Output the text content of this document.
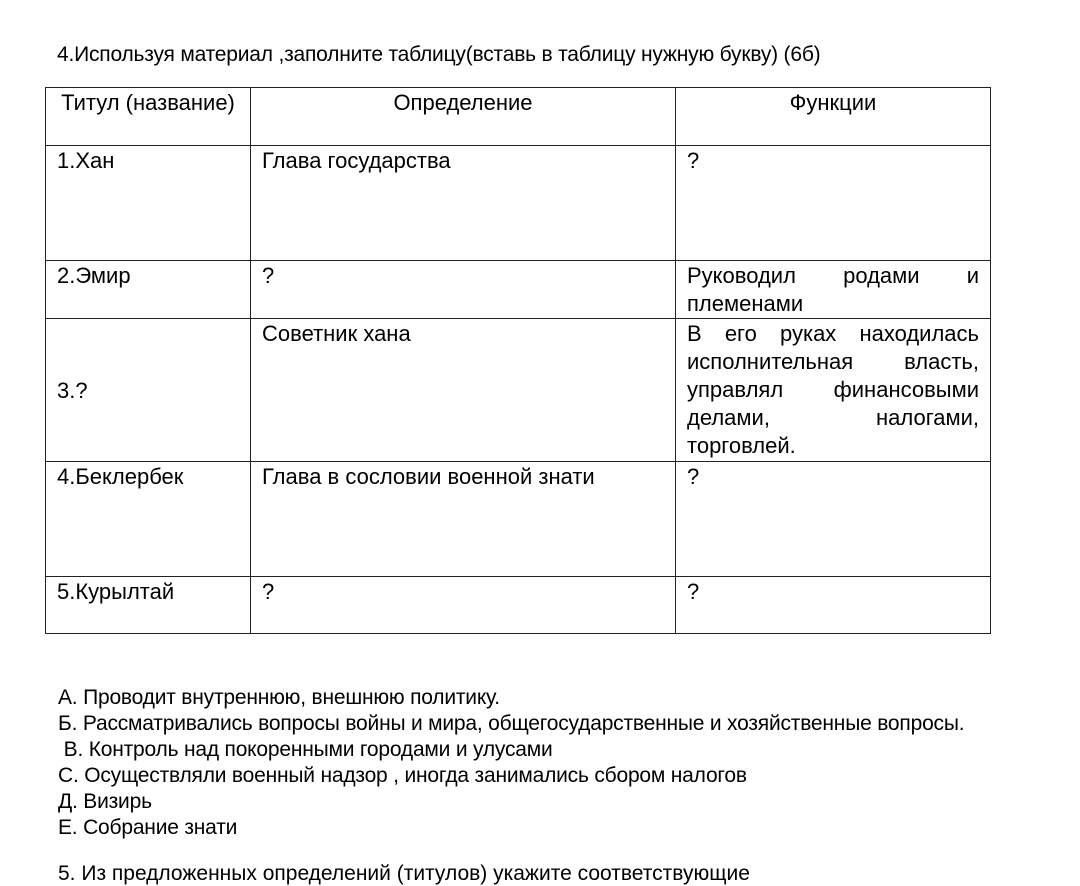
4.Используя материал ,заполните таблицу(вставь в таблицу нужную букву) (6б)
Титул (название)	Определение	Функции
1.Хан	Глава государства	?
2.Эмир	?	Руководил родами и племенами
3.?	Советник хана	В его руках находилась исполнительная власть, управлял финансовыми делами, налогами, торговлей.
4.Беклербек	Глава в сословии военной знати	?
5.Курылтай	?	?
А. Проводит внутреннюю, внешнюю политику.
Б. Рассматривались вопросы войны и мира, общегосударственные и хозяйственные вопросы.
В. Контроль над покоренными городами и улусами
С. Осуществляли военный надзор , иногда занимались сбором налогов
Д. Визирь
Е. Собрание знати
5. Из предложенных определений (титулов) укажите соответствующие
